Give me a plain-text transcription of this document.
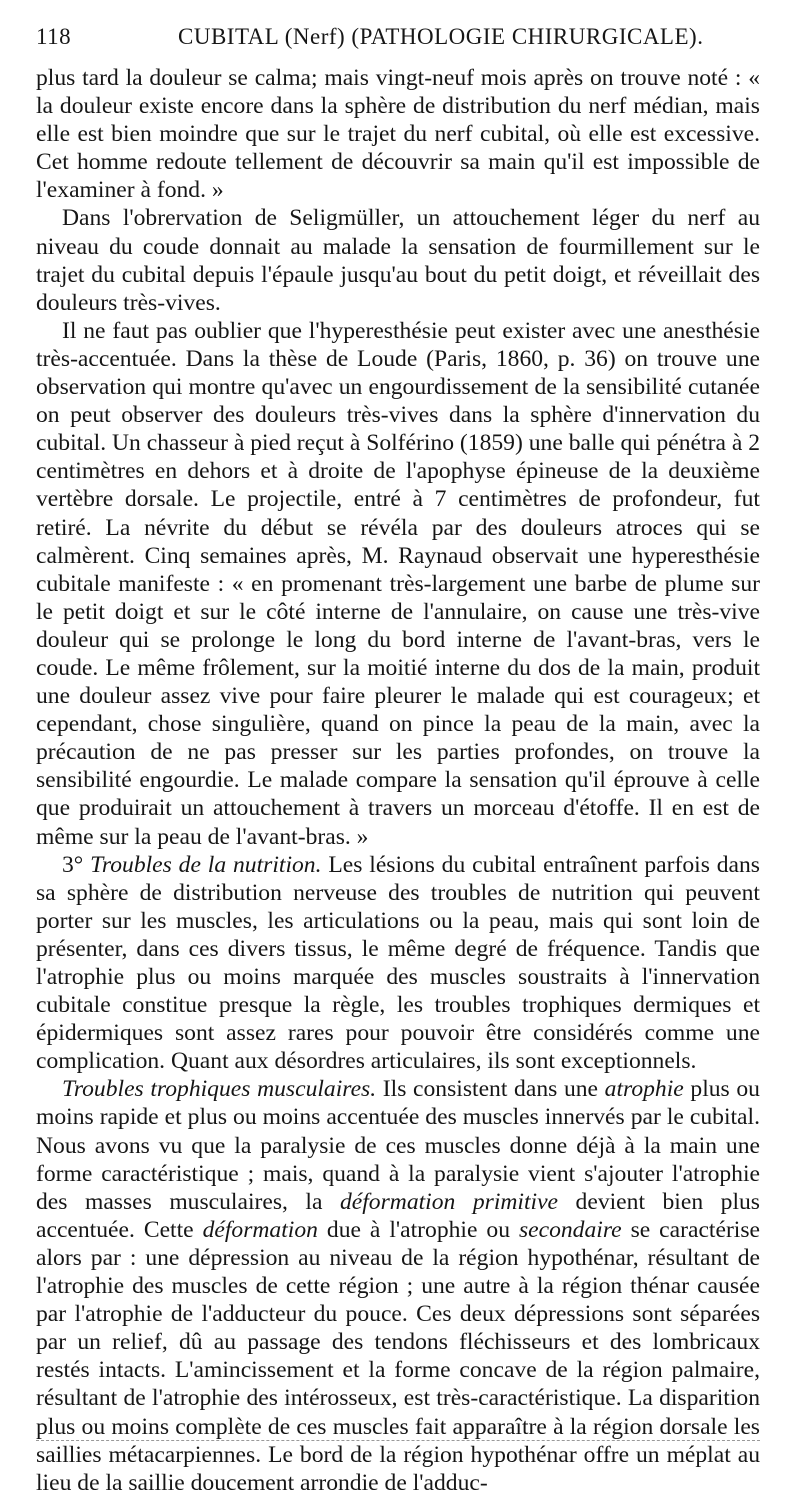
118	CUBITAL (Nerf) (PATHOLOGIE CHIRURGICALE).

plus tard la douleur se calma; mais vingt-neuf mois après on trouve noté : « la douleur existe encore dans la sphère de distribution du nerf médian, mais elle est bien moindre que sur le trajet du nerf cubital, où elle est excessive. Cet homme redoute tellement de découvrir sa main qu'il est impossible de l'examiner à fond. »

Dans l'obrervation de Seligmüller, un attouchement léger du nerf au niveau du coude donnait au malade la sensation de fourmillement sur le trajet du cubital depuis l'épaule jusqu'au bout du petit doigt, et réveillait des douleurs très-vives.

Il ne faut pas oublier que l'hyperesthésie peut exister avec une anesthésie très-accentuée. Dans la thèse de Loude (Paris, 1860, p. 36) on trouve une observation qui montre qu'avec un engourdissement de la sensibilité cutanée on peut observer des douleurs très-vives dans la sphère d'innervation du cubital. Un chasseur à pied reçut à Solférino (1859) une balle qui pénétra à 2 centimètres en dehors et à droite de l'apophyse épineuse de la deuxième vertèbre dorsale. Le projectile, entré à 7 centimètres de profondeur, fut retiré. La névrite du début se révéla par des douleurs atroces qui se calmèrent. Cinq semaines après, M. Raynaud observait une hyperesthésie cubitale manifeste : « en promenant très-largement une barbe de plume sur le petit doigt et sur le côté interne de l'annulaire, on cause une très-vive douleur qui se prolonge le long du bord interne de l'avant-bras, vers le coude. Le même frôlement, sur la moitié interne du dos de la main, produit une douleur assez vive pour faire pleurer le malade qui est courageux; et cependant, chose singulière, quand on pince la peau de la main, avec la précaution de ne pas presser sur les parties profondes, on trouve la sensibilité engourdie. Le malade compare la sensation qu'il éprouve à celle que produirait un attouchement à travers un morceau d'étoffe. Il en est de même sur la peau de l'avant-bras. »

3° Troubles de la nutrition. Les lésions du cubital entraînent parfois dans sa sphère de distribution nerveuse des troubles de nutrition qui peuvent porter sur les muscles, les articulations ou la peau, mais qui sont loin de présenter, dans ces divers tissus, le même degré de fréquence. Tandis que l'atrophie plus ou moins marquée des muscles soustraits à l'innervation cubitale constitue presque la règle, les troubles trophiques dermiques et épidermiques sont assez rares pour pouvoir être considérés comme une complication. Quant aux désordres articulaires, ils sont exceptionnels.

Troubles trophiques musculaires. Ils consistent dans une atrophie plus ou moins rapide et plus ou moins accentuée des muscles innervés par le cubital. Nous avons vu que la paralysie de ces muscles donne déjà à la main une forme caractéristique ; mais, quand à la paralysie vient s'ajouter l'atrophie des masses musculaires, la déformation primitive devient bien plus accentuée. Cette déformation due à l'atrophie ou secondaire se caractérise alors par : une dépression au niveau de la région hypothénar, résultant de l'atrophie des muscles de cette région ; une autre à la région thénar causée par l'atrophie de l'adducteur du pouce. Ces deux dépressions sont séparées par un relief, dû au passage des tendons fléchisseurs et des lombricaux restés intacts. L'amincissement et la forme concave de la région palmaire, résultant de l'atrophie des intérosseux, est très-caractéristique. La disparition plus ou moins complète de ces muscles fait apparaître à la région dorsale les saillies métacarpiennes. Le bord de la région hypothénar offre un méplat au lieu de la saillie doucement arrondie de l'adduc-
